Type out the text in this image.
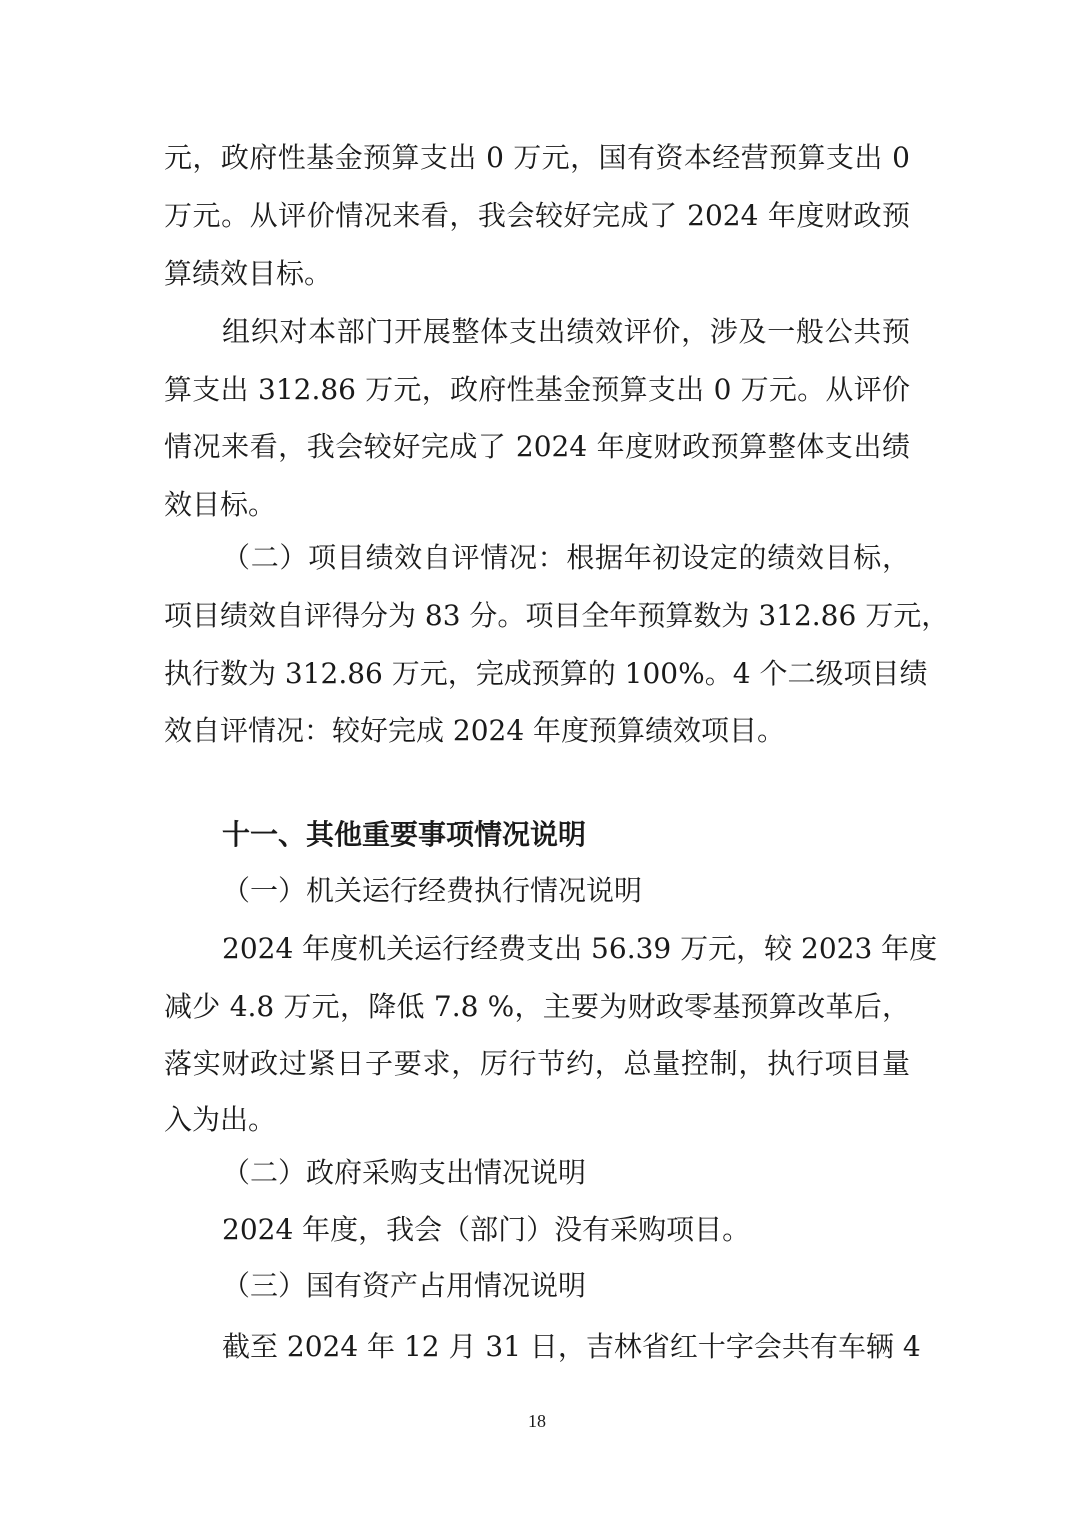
元，政府性基金预算支出 0 万元，国有资本经营预算支出 0
万元。从评价情况来看，我会较好完成了 2024 年度财政预
算绩效目标。
组织对本部门开展整体支出绩效评价，涉及一般公共预
算支出 312.86 万元，政府性基金预算支出 0 万元。从评价
情况来看，我会较好完成了 2024 年度财政预算整体支出绩
效目标。
（二）项目绩效自评情况：根据年初设定的绩效目标，
项目绩效自评得分为 83 分。项目全年预算数为 312.86 万元，
执行数为 312.86 万元，完成预算的 100%。4 个二级项目绩
效自评情况：较好完成 2024 年度预算绩效项目。
十一、其他重要事项情况说明
（一）机关运行经费执行情况说明
2024 年度机关运行经费支出 56.39 万元，较 2023 年度
减少 4.8 万元，降低 7.8 %，主要为财政零基预算改革后，
落实财政过紧日子要求，厉行节约，总量控制，执行项目量
入为出。
（二）政府采购支出情况说明
2024 年度，我会（部门）没有采购项目。
（三）国有资产占用情况说明
截至 2024 年 12 月 31 日，吉林省红十字会共有车辆 4
18
